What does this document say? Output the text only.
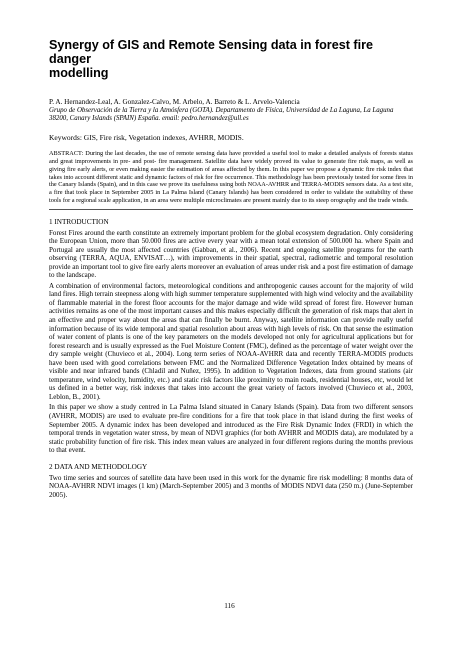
Synergy of GIS and Remote Sensing data in forest fire danger
modelling
P. A. Hernandez-Leal, A. Gonzalez-Calvo, M. Arbelo, A. Barreto & L. Arvelo-Valencia
Grupo de Observación de la Tierra y la Atmósfera (GOTA). Departamento de Física, Universidad de La Laguna, La Laguna 38200, Canary Islands (SPAIN) España. email: pedro.hernandez@ull.es
Keywords: GIS, Fire risk, Vegetation indexes, AVHRR, MODIS.
ABSTRACT: During the last decades, the use of remote sensing data have provided a useful tool to make a detailed analysis of forests status and great improvements in pre- and post- fire management. Satellite data have widely proved its value to generate fire risk maps, as well as giving fire early alerts, or even making easier the estimation of areas affected by them. In this paper we propose a dynamic fire risk index that takes into account different static and dynamic factors of risk for fire occurrence. This methodology has been previously tested for some fires in the Canary Islands (Spain), and in this case we prove its usefulness using both NOAA-AVHRR and TERRA-MODIS sensors data. As a test site, a fire that took place in September 2005 in La Palma Island (Canary Islands) has been considered in order to validate the suitability of these tools for a regional scale application, in an area were multiple microclimates are present mainly due to its steep orography and the trade winds.
1 INTRODUCTION

Forest Fires around the earth constitute an extremely important problem for the global ecosystem degradation. Only considering the European Union, more than 50.000 fires are active every year with a mean total extension of 500.000 ha. where Spain and Portugal are usually the most affected countries (Gabban, et al., 2006). Recent and ongoing satellite programs for the earth observing (TERRA, AQUA, ENVISAT…), with improvements in their spatial, spectral, radiometric and temporal resolution provide an important tool to give fire early alerts moreover an evaluation of areas under risk and a post fire estimation of damage to the landscape.

A combination of environmental factors, meteorological conditions and anthropogenic causes account for the majority of wild land fires. High terrain steepness along with high summer temperature supplemented with high wind velocity and the availability of flammable material in the forest floor accounts for the major damage and wide wild spread of forest fire. However human activities remains as one of the most important causes and this makes especially difficult the generation of risk maps that alert in an effective and proper way about the areas that can finally be burnt. Anyway, satellite information can provide really useful information because of its wide temporal and spatial resolution about areas with high levels of risk. On that sense the estimation of water content of plants is one of the key parameters on the models developed not only for agricultural applications but for forest research and is usually expressed as the Fuel Moisture Content (FMC), defined as the percentage of water weight over the dry sample weight (Chuvieco et al., 2004). Long term series of NOAA-AVHRR data and recently TERRA-MODIS products have been used with good correlations between FMC and the Normalized Difference Vegetation Index obtained by means of visible and near infrared bands (Chladil and Nuñez, 1995). In addition to Vegetation Indexes, data from ground stations (air temperature, wind velocity, humidity, etc.) and static risk factors like proximity to main roads, residential houses, etc, would let us defined in a better way, risk indexes that takes into account the great variety of factors involved (Chuvieco et al., 2003, Leblon, B., 2001).

In this paper we show a study centred in La Palma Island situated in Canary Islands (Spain). Data from two different sensors (AVHRR, MODIS) are used to evaluate pre-fire conditions for a fire that took place in that island during the first weeks of September 2005. A dynamic index has been developed and introduced as the Fire Risk Dynamic Index (FRDI) in which the temporal trends in vegetation water stress, by mean of NDVI graphics (for both AVHRR and MODIS data), are modulated by a static probability function of fire risk. This index mean values are analyzed in four different regions during the months previous to that event.

2 DATA AND METHODOLOGY

Two time series and sources of satellite data have been used in this work for the dynamic fire risk modelling: 8 months data of NOAA-AVHRR NDVI images (1 km) (March-September 2005) and 3 months of MODIS NDVI data (250 m.) (June-September 2005).

116
